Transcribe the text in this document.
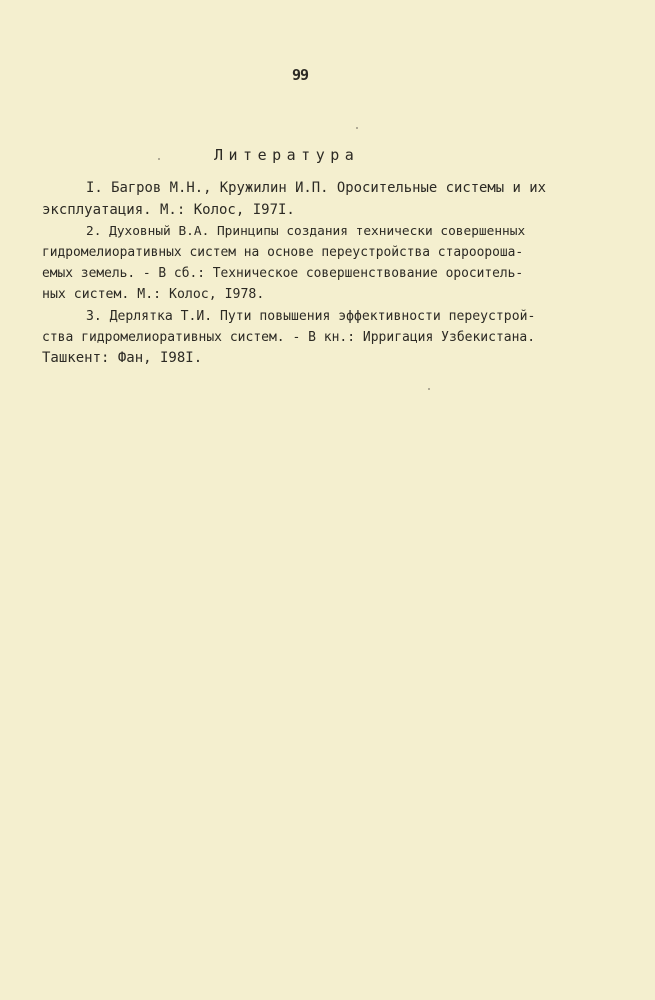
99
Литература
I. Багров М.Н., Кружилин И.П. Оросительные системы и их
эксплуатация. М.: Колос, I97I.
2. Духовный В.А. Принципы создания технически совершенных
гидромелиоративных систем на основе переустройства староороша-
емых земель. - В сб.: Техническое совершенствование ороситель-
ных систем. М.: Колос, I978.
3. Дерлятка Т.И. Пути повышения эффективности переустрой-
ства гидромелиоративных систем. - В кн.: Ирригация Узбекистана.
Ташкент: Фан, I98I.
